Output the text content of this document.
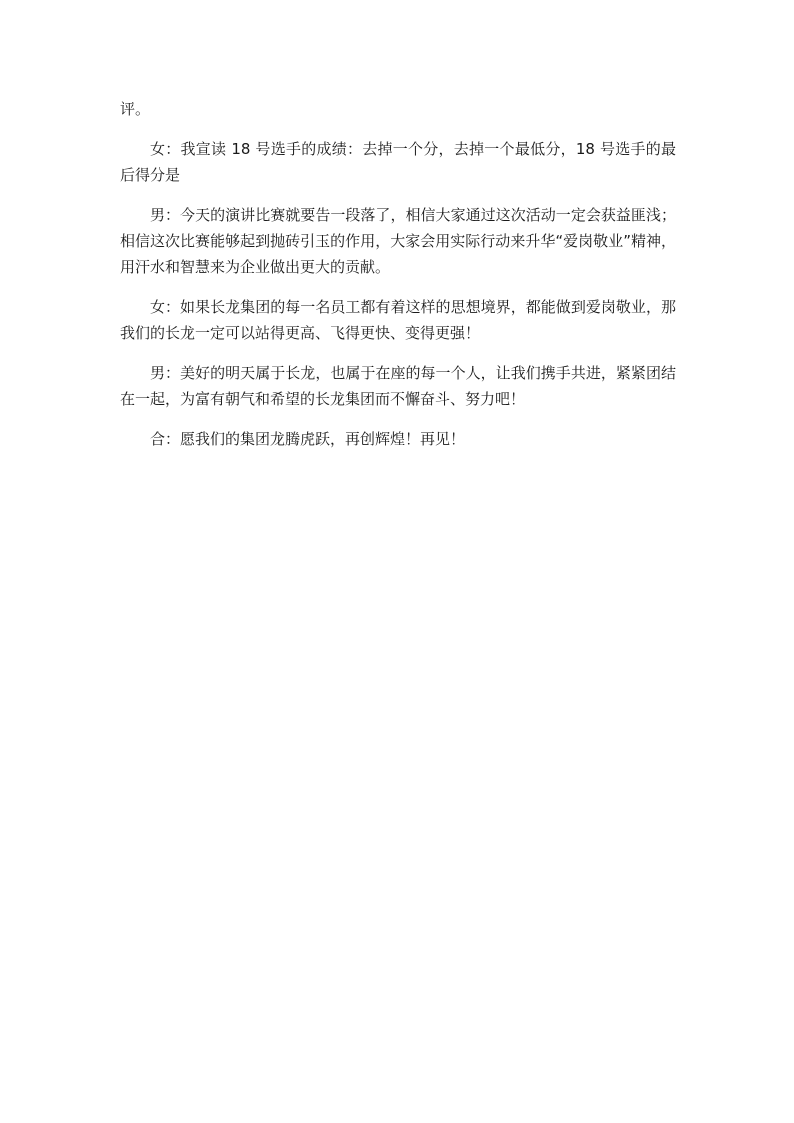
评。

女：我宣读 18 号选手的成绩：去掉一个分，去掉一个最低分，18 号选手的最后得分是

男：今天的演讲比赛就要告一段落了，相信大家通过这次活动一定会获益匪浅；相信这次比赛能够起到抛砖引玉的作用，大家会用实际行动来升华“爱岗敬业”精神，用汗水和智慧来为企业做出更大的贡献。

女：如果长龙集团的每一名员工都有着这样的思想境界，都能做到爱岗敬业，那我们的长龙一定可以站得更高、飞得更快、变得更强！

男：美好的明天属于长龙，也属于在座的每一个人，让我们携手共进，紧紧团结在一起，为富有朝气和希望的长龙集团而不懈奋斗、努力吧！

合：愿我们的集团龙腾虎跃，再创辉煌！再见！
